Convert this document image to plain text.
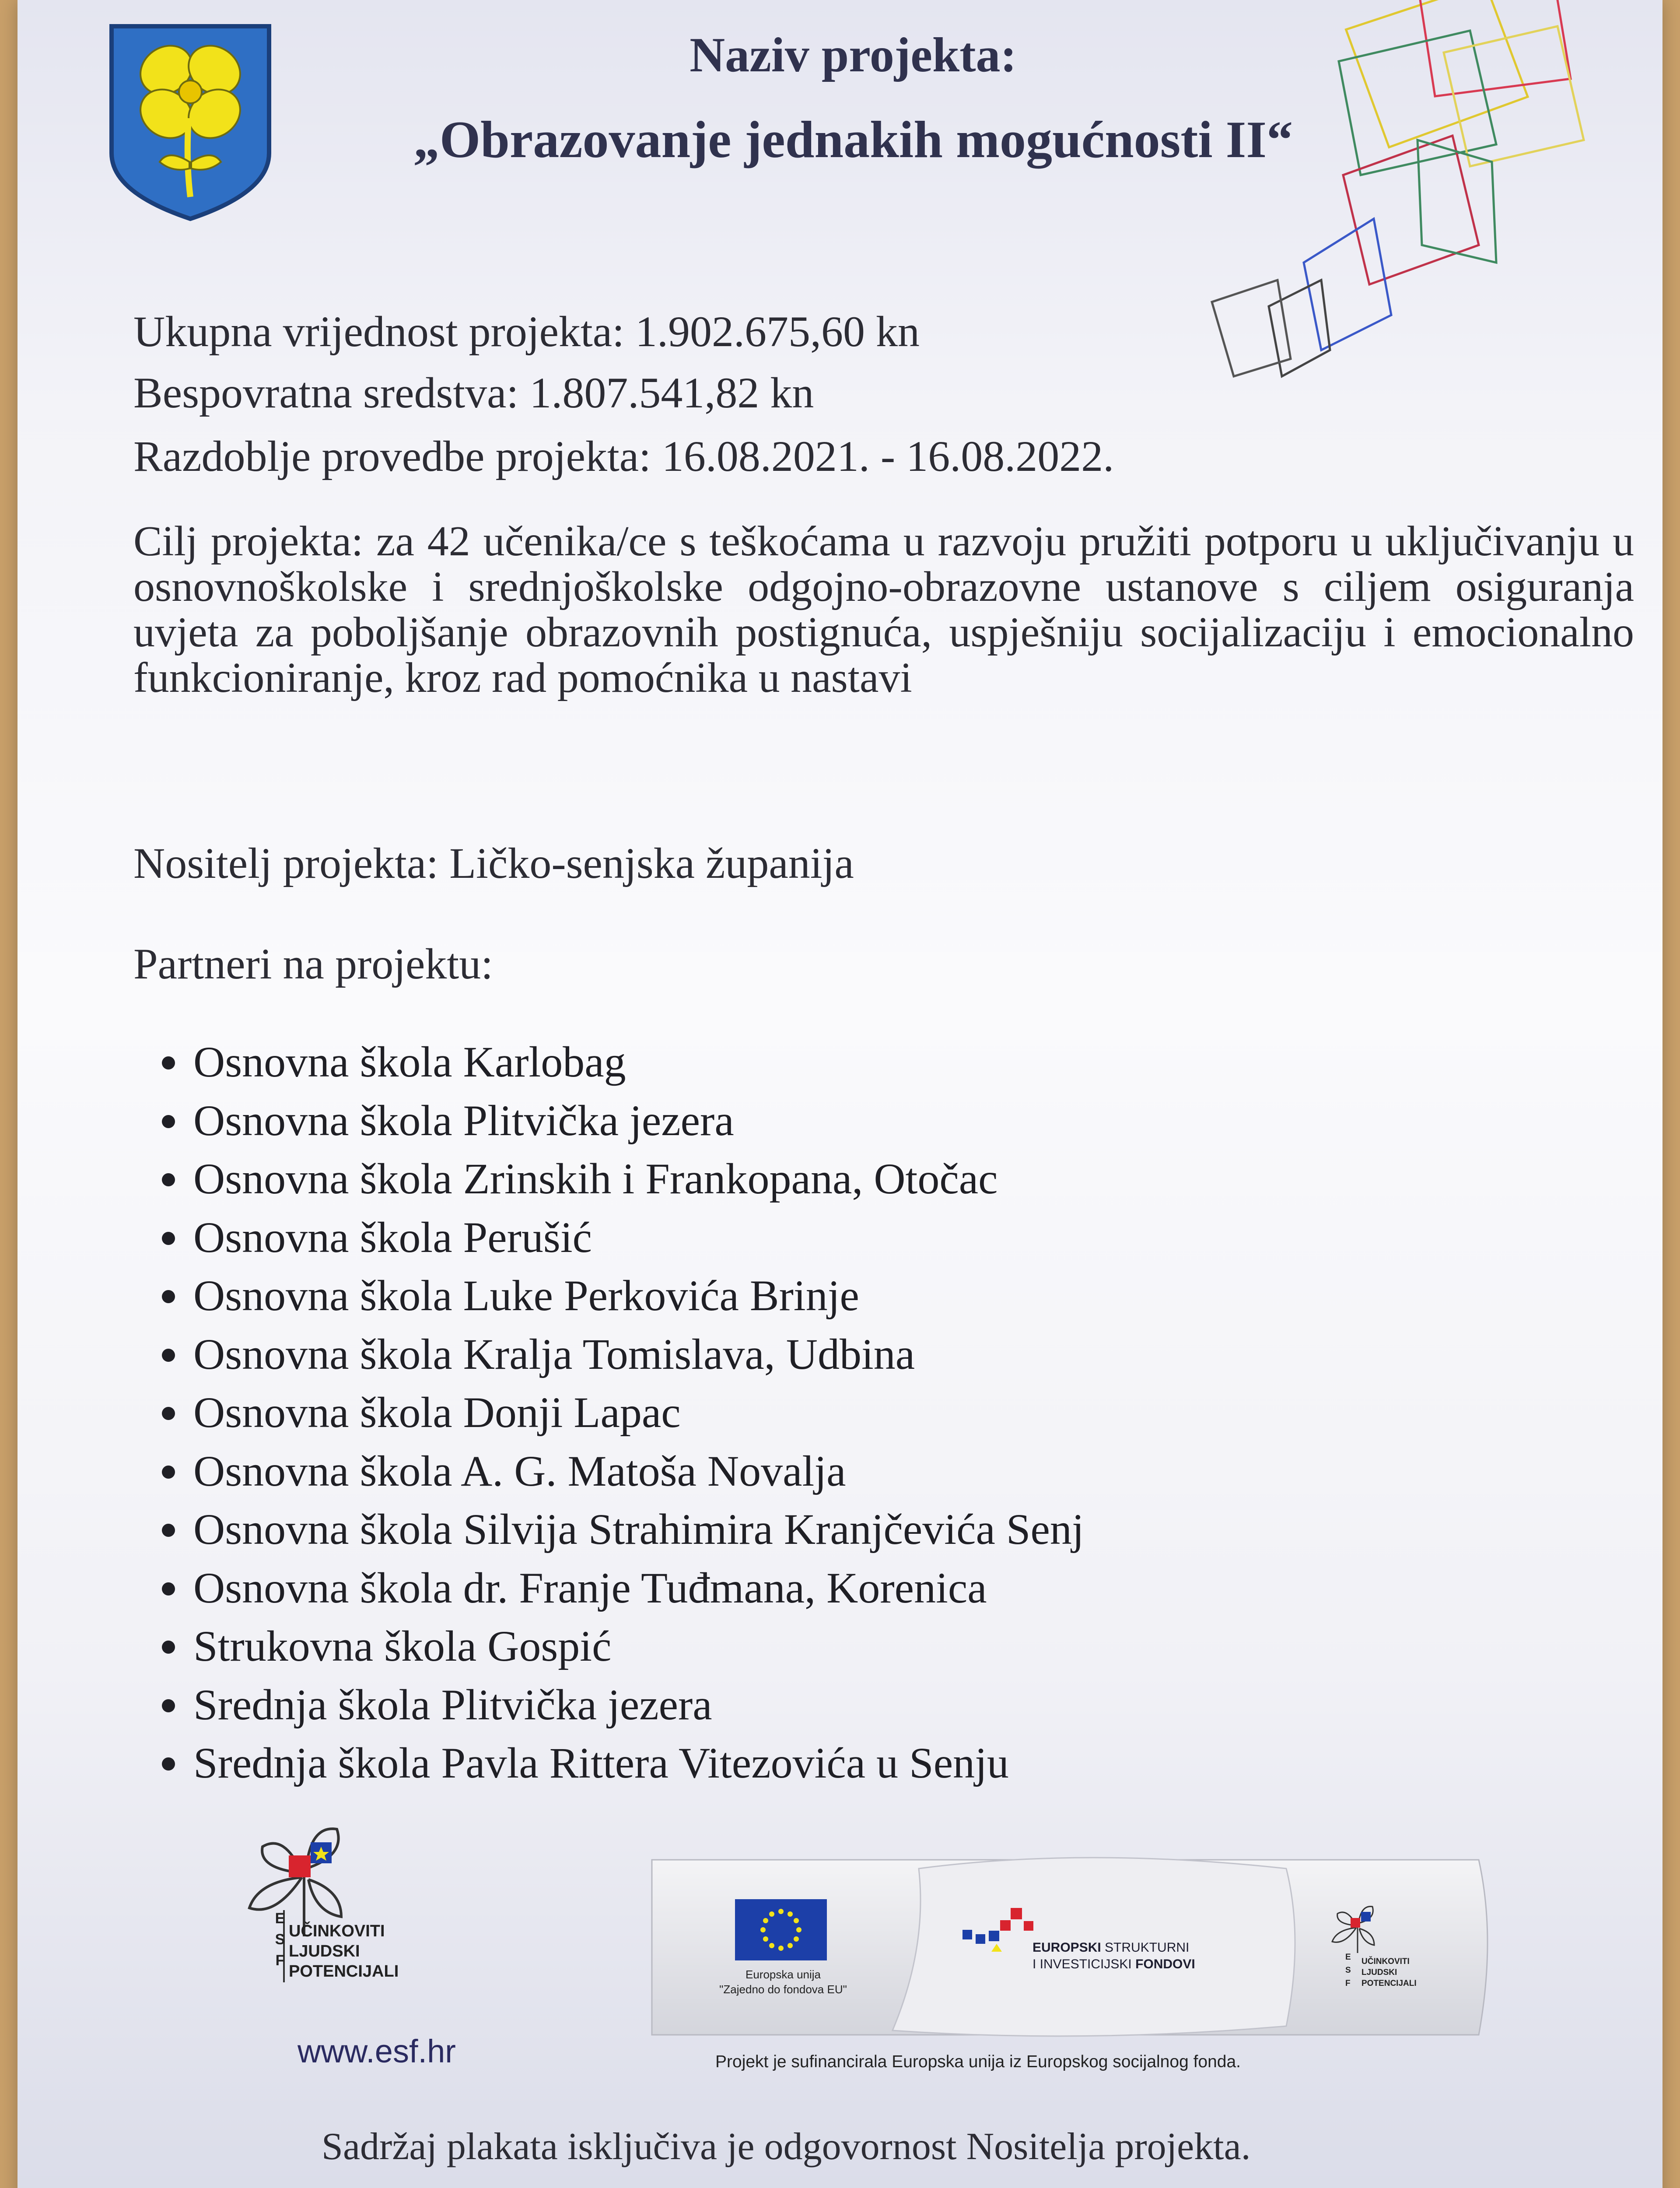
Naziv projekta:
„Obrazovanje jednakih mogućnosti II“
Ukupna vrijednost projekta: 1.902.675,60 kn
Bespovratna sredstva: 1.807.541,82 kn
Razdoblje provedbe projekta: 16.08.2021. - 16.08.2022.
Cilj projekta: za 42 učenika/ce s teškoćama u razvoju pružiti potporu u uključivanju u osnovnoškolske i srednjoškolske odgojno-obrazovne ustanove s ciljem osiguranja uvjeta za poboljšanje obrazovnih postignuća, uspješniju socijalizaciju i emocionalno funkcioniranje, kroz rad pomoćnika u nastavi
Nositelj projekta: Ličko-senjska županija
Partneri na projektu:
Osnovna škola Karlobag
Osnovna škola Plitvička jezera
Osnovna škola Zrinskih i Frankopana, Otočac
Osnovna škola Perušić
Osnovna škola Luke Perkovića Brinje
Osnovna škola Kralja Tomislava, Udbina
Osnovna škola Donji Lapac
Osnovna škola A. G. Matoša Novalja
Osnovna škola Silvija Strahimira Kranjčevića Senj
Osnovna škola dr. Franje Tuđmana, Korenica
Strukovna škola Gospić
Srednja škola Plitvička jezera
Srednja škola Pavla Rittera Vitezovića u Senju
E
S
F
UČINKOVITI
LJUDSKI
POTENCIJALI
www.esf.hr
Europska unija
"Zajedno do fondova EU"
EUROPSKI STRUKTURNI
I INVESTICIJSKI FONDOVI	E
S
F
UČINKOVITI
LJUDSKI
POTENCIJALI
Projekt je sufinancirala Europska unija iz Europskog socijalnog fonda.
Sadržaj plakata isključiva je odgovornost Nositelja projekta.
